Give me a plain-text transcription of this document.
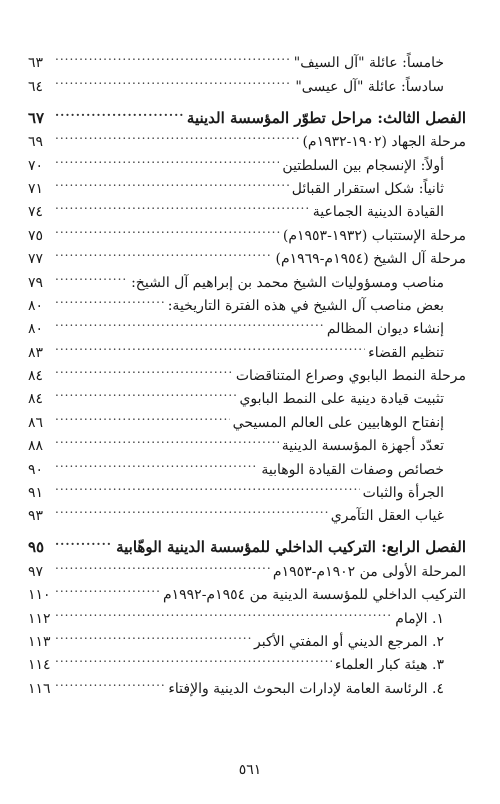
خامساً: عائلة "آل السيف"
.....
٦٣
سادساً: عائلة "آل عيسى"
.....
٦٤
الفصل الثالث: مراحل تطوّر المؤسسة الدينية
.....
٦٧
مرحلة الجهاد (١٩٠٢-١٩٣٢م)
.....
٦٩
أولاً: الإنسجام بين السلطتين
.....
٧٠
ثانياً: شكل استقرار القبائل
.....
٧١
القيادة الدينية الجماعية
.....
٧٤
مرحلة الإستتباب (١٩٣٢-١٩٥٣م)
.....
٧٥
مرحلة آل الشيخ (١٩٥٤م-١٩٦٩م)
.....
٧٧
مناصب ومسؤوليات الشيخ محمد بن إبراهيم آل الشيخ:
.....
٧٩
بعض مناصب آل الشيخ في هذه الفترة التاريخية:
.....
٨٠
إنشاء ديوان المظالم
.....
٨٠
تنظيم القضاء
.....
٨٣
مرحلة النمط البابوي وصراع المتناقضات
.....
٨٤
تثبيت قيادة دينية على النمط البابوي
.....
٨٤
إنفتاح الوهابيين على العالم المسيحي
.....
٨٦
تعدّد أجهزة المؤسسة الدينية
.....
٨٨
خصائص وصفات القيادة الوهابية
.....
٩٠
الجرأة والثبات
.....
٩١
غياب العقل التآمري
.....
٩٣
الفصل الرابع: التركيب الداخلي للمؤسسة الدينية الوهّابية
.....
٩٥
المرحلة الأولى من ١٩٠٢م-١٩٥٣م
.....
٩٧
التركيب الداخلي للمؤسسة الدينية من ١٩٥٤م-١٩٩٢م
.....
١١٠
١. الإمام
.....
١١٢
٢. المرجع الديني أو المفتي الأكبر
.....
١١٣
٣. هيئة كبار العلماء
.....
١١٤
٤. الرئاسة العامة لإدارات البحوث الدينية والإفتاء
.....
١١٦
٥٦١
